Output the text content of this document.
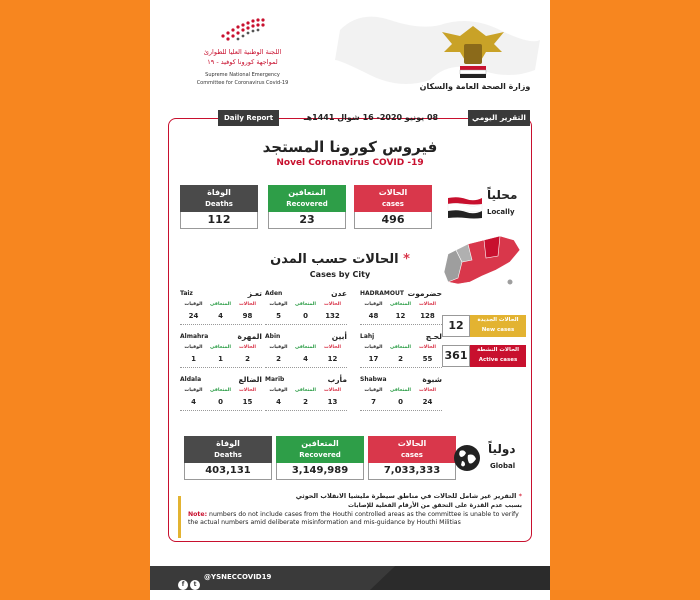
اللجنة الوطنية العليا للطوارئ
لمواجهة كورونا كوفيد - ١٩
Supreme National Emergency
Committee for Coronavirus Covid-19	وزارة الصحة العامة والسكان
Daily Report	08 يونيو 2020- 16 شوال 1441هـ	التقرير اليومي
فيروس كورونا المستجد
Novel Coronavirus COVID -19
الوفاة
Deaths
112
المتعافين
Recovered
23
الحالات
cases
496
محلياً
Locally
* الحالات حسب المدن
Cases by City
12	الحالات الجديدة
New cases
361	الحالات النشطة
Active cases
الوفاة
Deaths
403,131
المتعافين
Recovered
3,149,989
الحالات
cases
7,033,333
دولياً
Global
* التقرير غير شامل للحالات في مناطق سيطرة مليشيا الانقلاب الحوثي
بسبب عدم القدرة على التحقق من الأرقام الفعلية للإصابات
Note: numbers do not include cases from the Houthi controlled areas as the committee is unable to verify the actual numbers amid deliberate misinformation and mis-guidance by Houthi Militias
f t
@YSNECCOVID19
Taiz	تعـز
الوفيات	المتعافي	الحالات
24	4	98
Aden	عدن
الوفيات	المتعافي	الحالات
5	0	132
HADRAMOUT حضرموت
الوفيات	المتعافي	الحالات
48	12	128
Almahra	المهرة
الوفيات	المتعافي	الحالات
1	1	2
Abin	أبين
الوفيات	المتعافي	الحالات
2	4	12
Lahj	لحـج
الوفيات	المتعافي	الحالات
17	2	55
Aldala	الضالع
الوفيات	المتعافي	الحالات
4	0	15
Marib	مأرب
الوفيات	المتعافي	الحالات
4	2	13
Shabwa	شبوة
الوفيات	المتعافي	الحالات
7	0	24
